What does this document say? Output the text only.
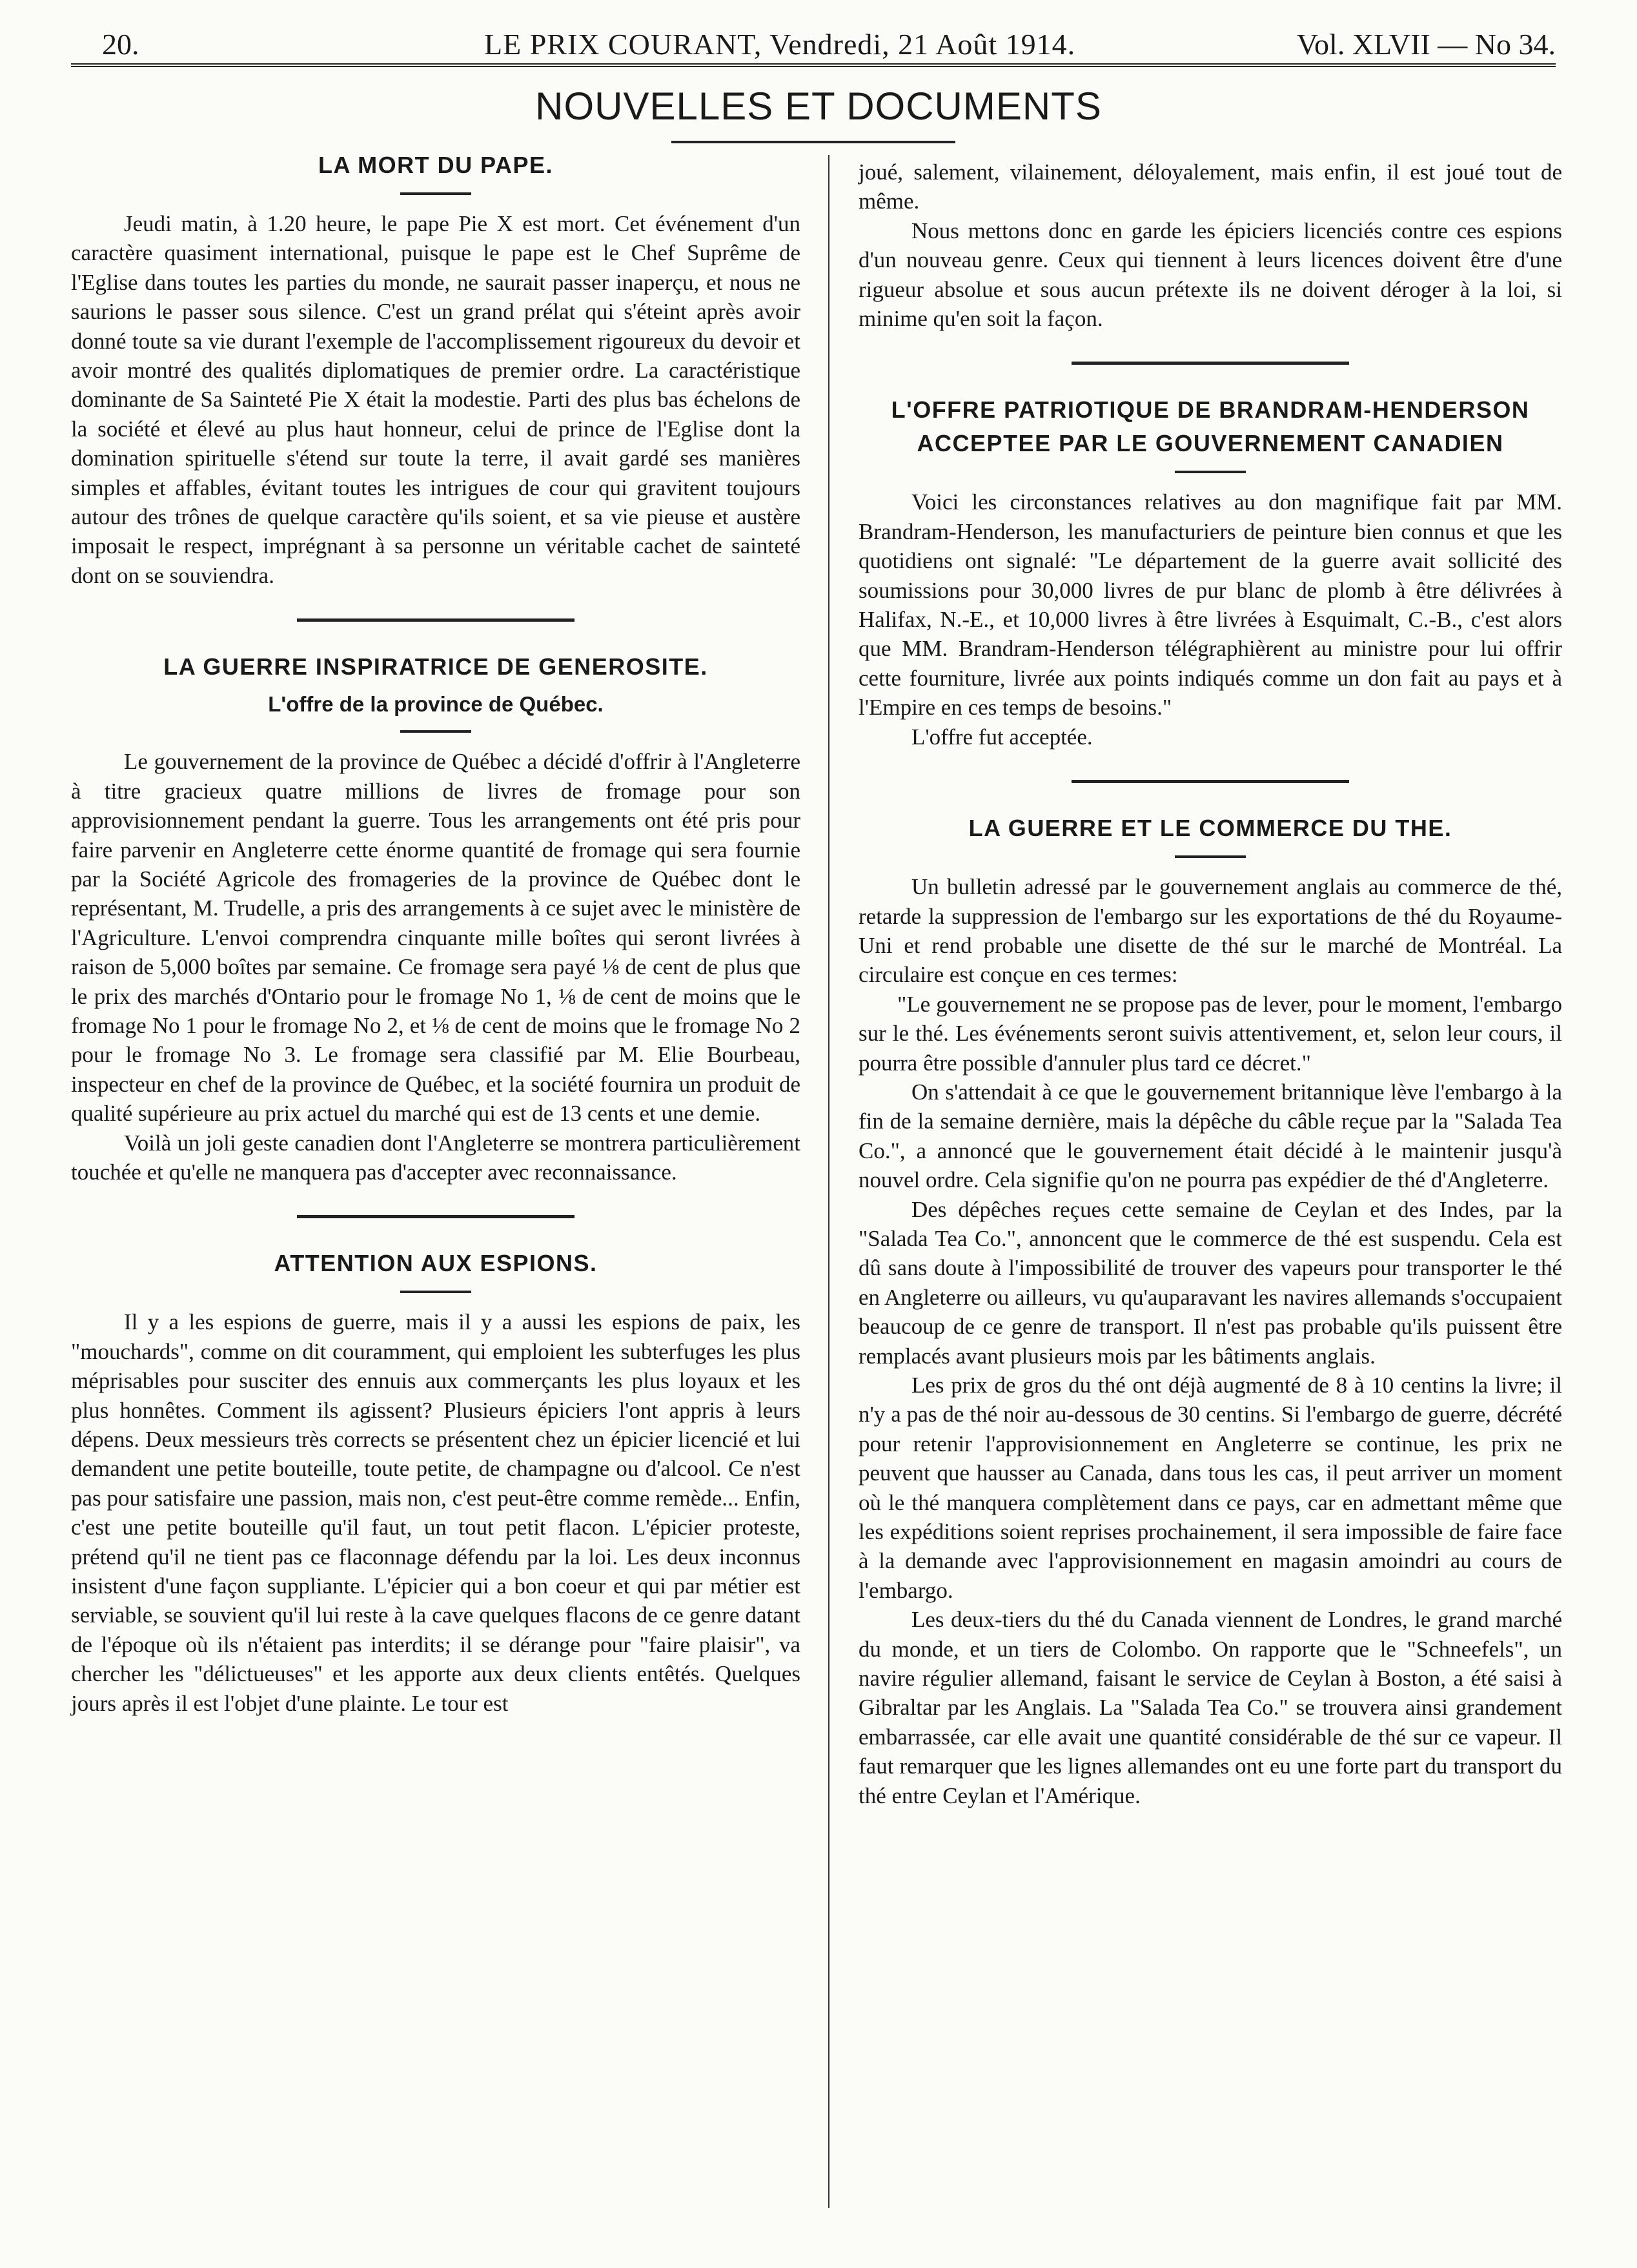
20.	LE PRIX COURANT, Vendredi, 21 Août 1914.	Vol. XLVII — No 34.
NOUVELLES ET DOCUMENTS
LA MORT DU PAPE.

Jeudi matin, à 1.20 heure, le pape Pie X est mort. Cet événement d'un caractère quasiment international, puisque le pape est le Chef Suprême de l'Eglise dans toutes les parties du monde, ne saurait passer inaperçu, et nous ne saurions le passer sous silence. C'est un grand prélat qui s'éteint après avoir donné toute sa vie durant l'exemple de l'accomplissement rigoureux du devoir et avoir montré des qualités diplomatiques de premier ordre. La caractéristique dominante de Sa Sainteté Pie X était la modestie. Parti des plus bas échelons de la société et élevé au plus haut honneur, celui de prince de l'Eglise dont la domination spirituelle s'étend sur toute la terre, il avait gardé ses manières simples et affables, évitant toutes les intrigues de cour qui gravitent toujours autour des trônes de quelque caractère qu'ils soient, et sa vie pieuse et austère imposait le respect, imprégnant à sa personne un véritable cachet de sainteté dont on se souviendra.

LA GUERRE INSPIRATRICE DE GENEROSITE.
L'offre de la province de Québec.

Le gouvernement de la province de Québec a décidé d'offrir à l'Angleterre à titre gracieux quatre millions de livres de fromage pour son approvisionnement pendant la guerre. Tous les arrangements ont été pris pour faire parvenir en Angleterre cette énorme quantité de fromage qui sera fournie par la Société Agricole des fromageries de la province de Québec dont le représentant, M. Trudelle, a pris des arrangements à ce sujet avec le ministère de l'Agriculture. L'envoi comprendra cinquante mille boîtes qui seront livrées à raison de 5,000 boîtes par semaine. Ce fromage sera payé ⅛ de cent de plus que le prix des marchés d'Ontario pour le fromage No 1, ⅛ de cent de moins que le fromage No 1 pour le fromage No 2, et ⅛ de cent de moins que le fromage No 2 pour le fromage No 3. Le fromage sera classifié par M. Elie Bourbeau, inspecteur en chef de la province de Québec, et la société fournira un produit de qualité supérieure au prix actuel du marché qui est de 13 cents et une demie.

Voilà un joli geste canadien dont l'Angleterre se montrera particulièrement touchée et qu'elle ne manquera pas d'accepter avec reconnaissance.

ATTENTION AUX ESPIONS.

Il y a les espions de guerre, mais il y a aussi les espions de paix, les "mouchards", comme on dit couramment, qui emploient les subterfuges les plus méprisables pour susciter des ennuis aux commerçants les plus loyaux et les plus honnêtes. Comment ils agissent? Plusieurs épiciers l'ont appris à leurs dépens. Deux messieurs très corrects se présentent chez un épicier licencié et lui demandent une petite bouteille, toute petite, de champagne ou d'alcool. Ce n'est pas pour satisfaire une passion, mais non, c'est peut-être comme remède... Enfin, c'est une petite bouteille qu'il faut, un tout petit flacon. L'épicier proteste, prétend qu'il ne tient pas ce flaconnage défendu par la loi. Les deux inconnus insistent d'une façon suppliante. L'épicier qui a bon coeur et qui par métier est serviable, se souvient qu'il lui reste à la cave quelques flacons de ce genre datant de l'époque où ils n'étaient pas interdits; il se dérange pour "faire plaisir", va chercher les "délictueuses" et les apporte aux deux clients entêtés. Quelques jours après il est l'objet d'une plainte. Le tour est

joué, salement, vilainement, déloyalement, mais enfin, il est joué tout de même.

Nous mettons donc en garde les épiciers licenciés contre ces espions d'un nouveau genre. Ceux qui tiennent à leurs licences doivent être d'une rigueur absolue et sous aucun prétexte ils ne doivent déroger à la loi, si minime qu'en soit la façon.

L'OFFRE PATRIOTIQUE DE BRANDRAM-HENDERSON ACCEPTEE PAR LE GOUVERNEMENT CANADIEN

Voici les circonstances relatives au don magnifique fait par MM. Brandram-Henderson, les manufacturiers de peinture bien connus et que les quotidiens ont signalé: "Le département de la guerre avait sollicité des soumissions pour 30,000 livres de pur blanc de plomb à être délivrées à Halifax, N.-E., et 10,000 livres à être livrées à Esquimalt, C.-B., c'est alors que MM. Brandram-Henderson télégraphièrent au ministre pour lui offrir cette fourniture, livrée aux points indiqués comme un don fait au pays et à l'Empire en ces temps de besoins."

L'offre fut acceptée.

LA GUERRE ET LE COMMERCE DU THE.

Un bulletin adressé par le gouvernement anglais au commerce de thé, retarde la suppression de l'embargo sur les exportations de thé du Royaume-Uni et rend probable une disette de thé sur le marché de Montréal. La circulaire est conçue en ces termes:

"Le gouvernement ne se propose pas de lever, pour le moment, l'embargo sur le thé. Les événements seront suivis attentivement, et, selon leur cours, il pourra être possible d'annuler plus tard ce décret."

On s'attendait à ce que le gouvernement britannique lève l'embargo à la fin de la semaine dernière, mais la dépêche du câble reçue par la "Salada Tea Co.", a annoncé que le gouvernement était décidé à le maintenir jusqu'à nouvel ordre. Cela signifie qu'on ne pourra pas expédier de thé d'Angleterre.

Des dépêches reçues cette semaine de Ceylan et des Indes, par la "Salada Tea Co.", annoncent que le commerce de thé est suspendu. Cela est dû sans doute à l'impossibilité de trouver des vapeurs pour transporter le thé en Angleterre ou ailleurs, vu qu'auparavant les navires allemands s'occupaient beaucoup de ce genre de transport. Il n'est pas probable qu'ils puissent être remplacés avant plusieurs mois par les bâtiments anglais.

Les prix de gros du thé ont déjà augmenté de 8 à 10 centins la livre; il n'y a pas de thé noir au-dessous de 30 centins. Si l'embargo de guerre, décrété pour retenir l'approvisionnement en Angleterre se continue, les prix ne peuvent que hausser au Canada, dans tous les cas, il peut arriver un moment où le thé manquera complètement dans ce pays, car en admettant même que les expéditions soient reprises prochainement, il sera impossible de faire face à la demande avec l'approvisionnement en magasin amoindri au cours de l'embargo.

Les deux-tiers du thé du Canada viennent de Londres, le grand marché du monde, et un tiers de Colombo. On rapporte que le "Schneefels", un navire régulier allemand, faisant le service de Ceylan à Boston, a été saisi à Gibraltar par les Anglais. La "Salada Tea Co." se trouvera ainsi grandement embarrassée, car elle avait une quantité considérable de thé sur ce vapeur. Il faut remarquer que les lignes allemandes ont eu une forte part du transport du thé entre Ceylan et l'Amérique.
